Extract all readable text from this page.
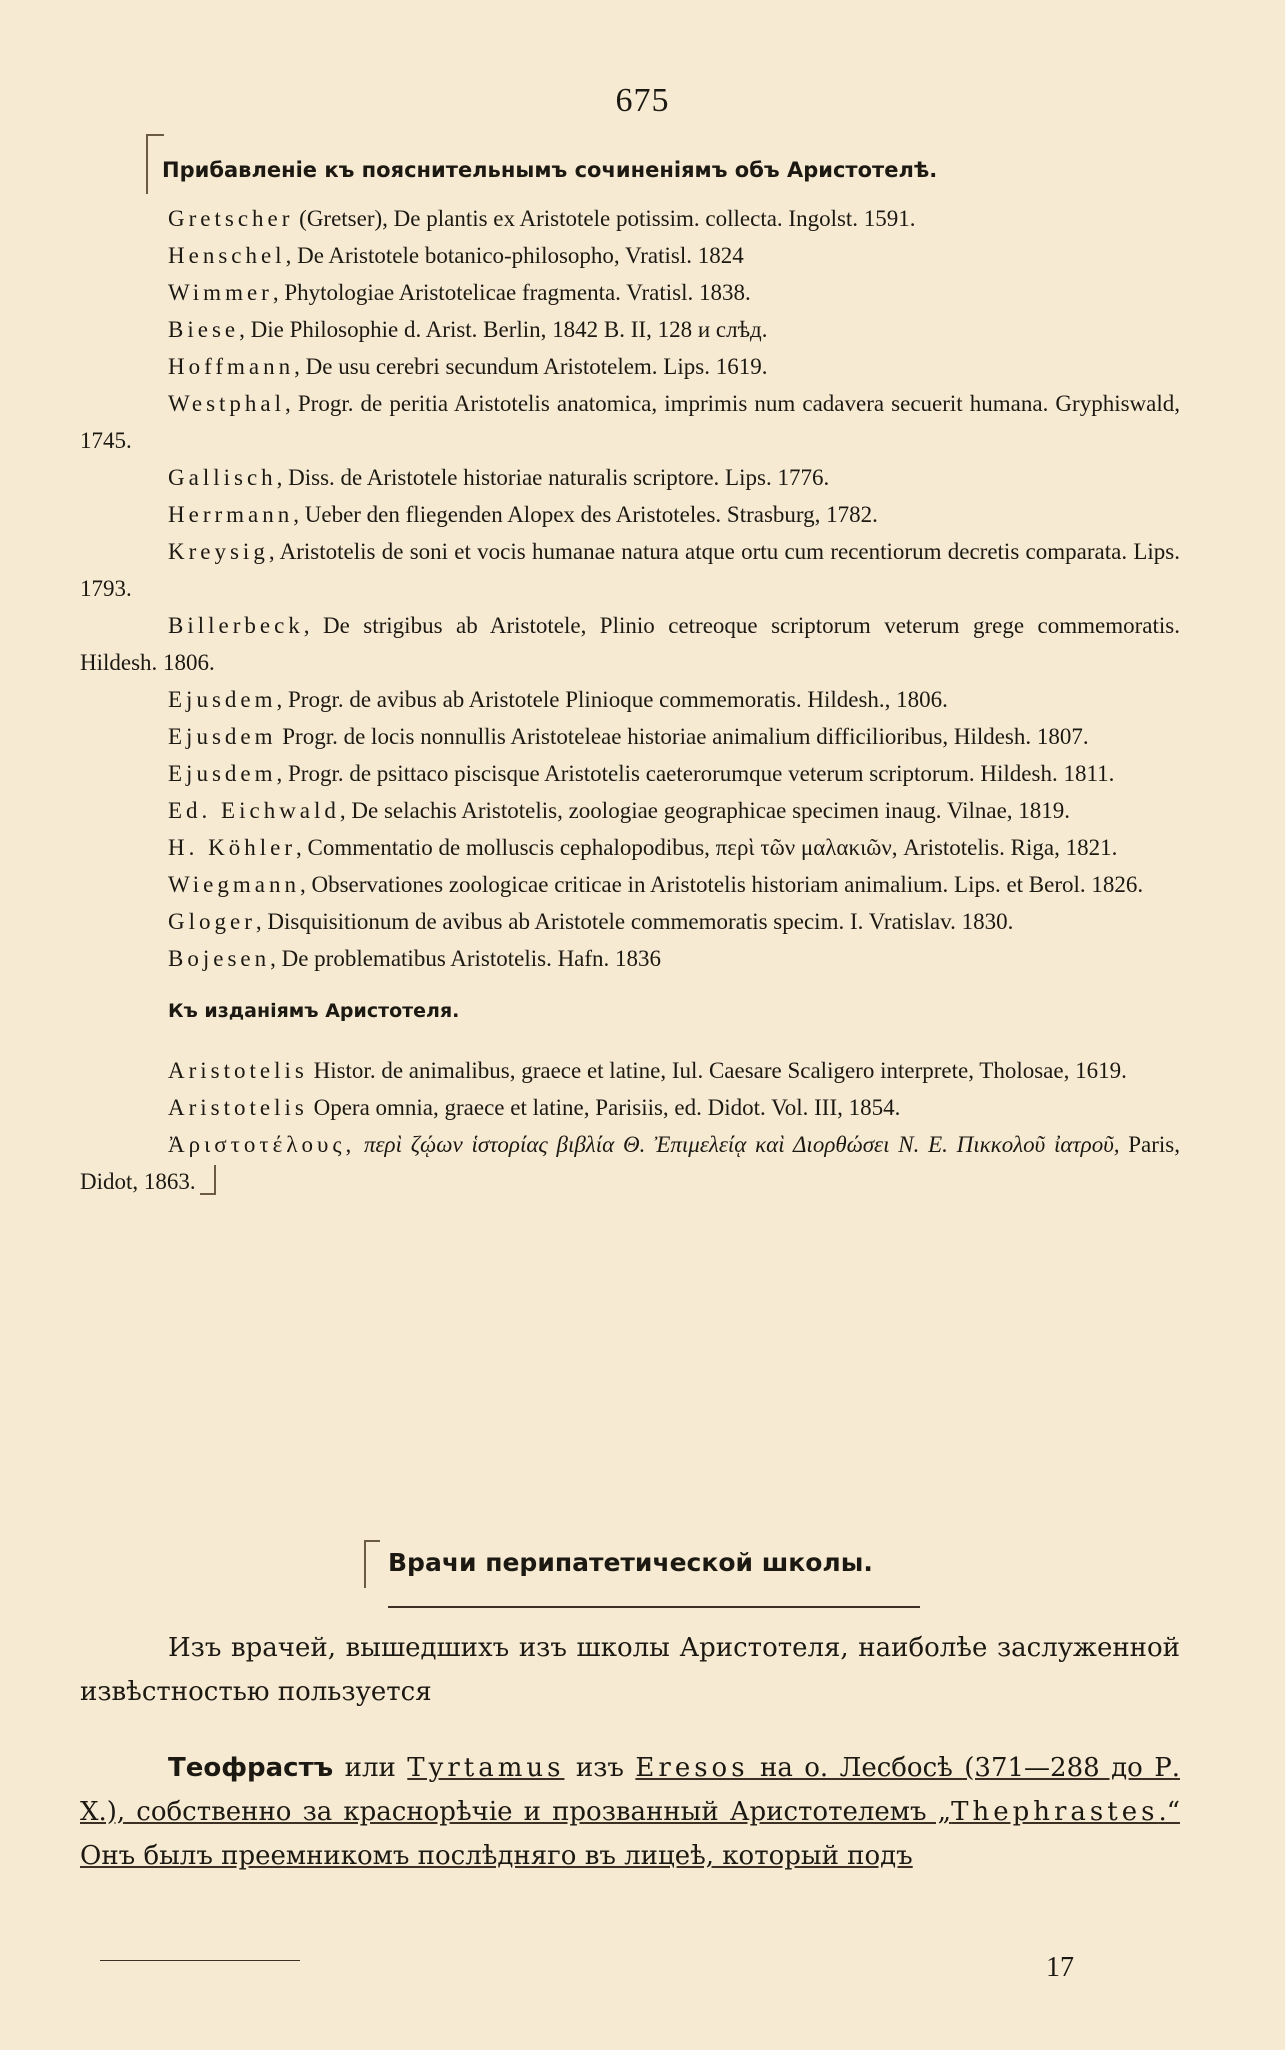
675
Прибавленіе къ пояснительнымъ сочиненіямъ объ Аристотелѣ.

Gretscher (Gretser), De plantis ex Aristotele potissim. collecta. Ingolst. 1591.

Henschel, De Aristotele botanico-philosopho, Vratisl. 1824

Wimmer, Phytologiae Aristotelicae fragmenta. Vratisl. 1838.

Biese, Die Philosophie d. Arist. Berlin, 1842 B. II, 128 и слѣд.

Hoffmann, De usu cerebri secundum Aristotelem. Lips. 1619.

Westphal, Progr. de peritia Aristotelis anatomica, imprimis num cadavera secuerit humana. Gryphiswald, 1745.

Gallisch, Diss. de Aristotele historiae naturalis scriptore. Lips. 1776.

Herrmann, Ueber den fliegenden Alopex des Aristoteles. Strasburg, 1782.

Kreysig, Aristotelis de soni et vocis humanae natura atque ortu cum recentiorum decretis comparata. Lips. 1793.

Billerbeck, De strigibus ab Aristotele, Plinio cetreoque scriptorum veterum grege commemoratis. Hildesh. 1806.

Ejusdem, Progr. de avibus ab Aristotele Plinioque commemoratis. Hildesh., 1806.

Ejusdem Progr. de locis nonnullis Aristoteleae historiae animalium difficilioribus, Hildesh. 1807.

Ejusdem, Progr. de psittaco piscisque Aristotelis caeterorumque veterum scriptorum. Hildesh. 1811.

Ed. Eichwald, De selachis Aristotelis, zoologiae geographicae specimen inaug. Vilnae, 1819.

H. Köhler, Commentatio de molluscis cephalopodibus, περὶ τῶν μαλακιῶν, Aristotelis. Riga, 1821.

Wiegmann, Observationes zoologicae criticae in Aristotelis historiam animalium. Lips. et Berol. 1826.

Gloger, Disquisitionum de avibus ab Aristotele commemoratis specim. I. Vratislav. 1830.

Bojesen, De problematibus Aristotelis. Hafn. 1836

Къ изданіямъ Аристотеля.

Aristotelis Histor. de animalibus, graece et latine, Iul. Caesare Scaligero interprete, Tholosae, 1619.

Aristotelis Opera omnia, graece et latine, Parisiis, ed. Didot. Vol. III, 1854.

Ἀριστοτέλους, περὶ ζῴων ἱστορίας βιβλία Θ. Ἐπιμελείᾳ καὶ Διορθώσει Ν. Ε. Πικκολοῦ ἰατροῦ, Paris, Didot, 1863.

Врачи перипатетической школы.

Изъ врачей, вышедшихъ изъ школы Аристотеля, наиболѣе заслуженной извѣстностью пользуется

Теофрастъ или Tyrtamus изъ Eresos на о. Лесбосѣ (371—288 до Р. Х.), собственно за краснорѣчіе и прозванный Аристотелемъ „Thephrastes.“ Онъ былъ преемникомъ послѣдняго въ лицеѣ, который подъ

17
